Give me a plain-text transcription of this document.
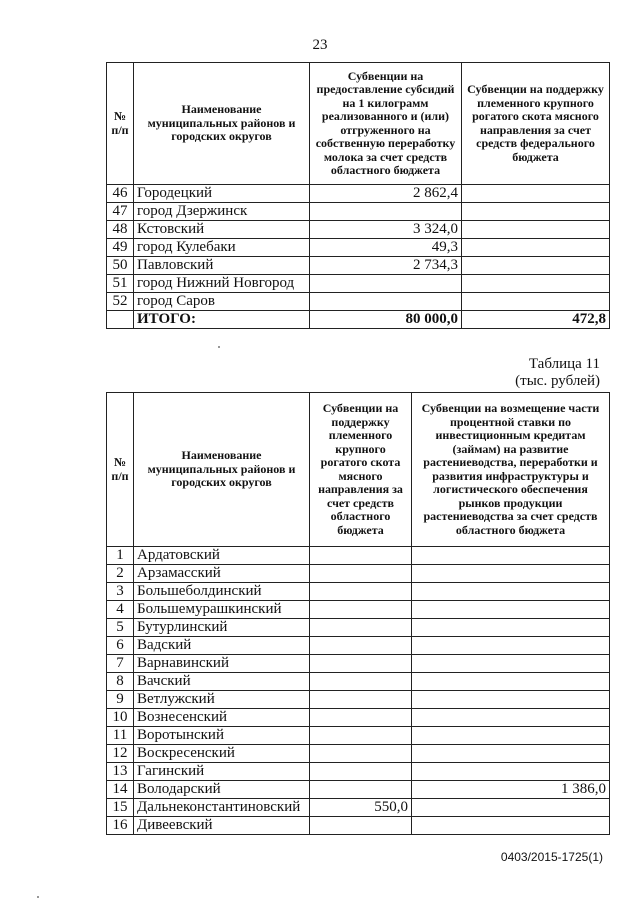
23
№ п/п	Наименование муниципальных районов и городских округов	Субвенции на предоставление субсидий на 1 килограмм реализованного и (или) отгруженного на собственную переработку молока за счет средств областного бюджета	Субвенции на поддержку племенного крупного рогатого скота мясного направления за счет средств федерального бюджета
46	Городецкий	2 862,4	
47	город Дзержинск		
48	Кстовский	3 324,0	
49	город Кулебаки	49,3	
50	Павловский	2 734,3	
51	город Нижний Новгород		
52	город Саров		
	ИТОГО:	80 000,0	472,8
Таблица 11
(тыс. рублей)
№ п/п	Наименование муниципальных районов и городских округов	Субвенции на поддержку племенного крупного рогатого скота мясного направления за счет средств областного бюджета	Субвенции на возмещение части процентной ставки по инвестиционным кредитам (займам) на развитие растениеводства, переработки и развития инфраструктуры и логистического обеспечения рынков продукции растениеводства за счет средств областного бюджета
1	Ардатовский		
2	Арзамасский		
3	Большеболдинский		
4	Большемурашкинский		
5	Бутурлинский		
6	Вадский		
7	Варнавинский		
8	Вачский		
9	Ветлужский		
10	Вознесенский		
11	Воротынский		
12	Воскресенский		
13	Гагинский		
14	Володарский		1 386,0
15	Дальнеконстантиновский	550,0	
16	Дивеевский		
0403/2015-1725(1)
